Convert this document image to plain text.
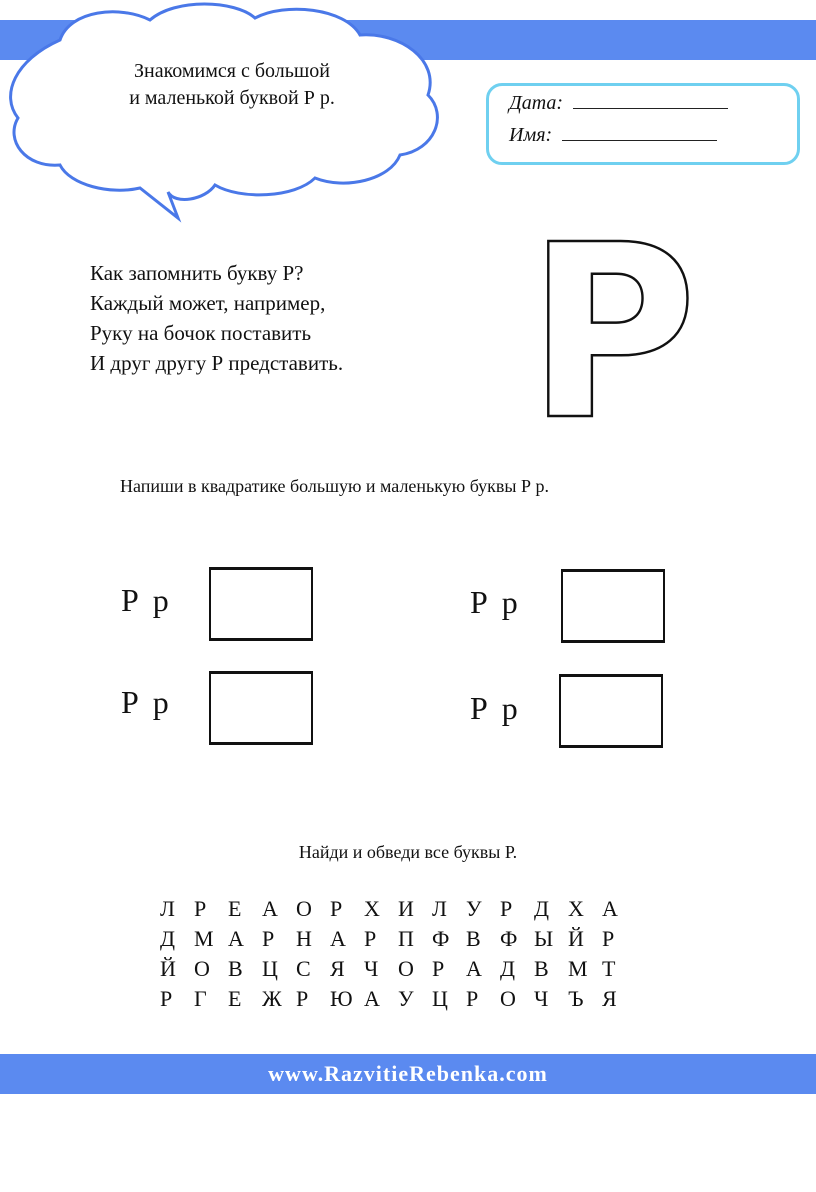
Знакомимся с большой
и маленькой буквой Р р.	Дата:
Имя:
Как запомнить букву Р?
Каждый может, например,
Руку на бочок поставить
И друг другу Р представить. Р
Напиши в квадратике большую и маленькую буквы Р р.
Р р	Р р
Р р	Р р
Найди и обведи все буквы Р.
Л Р Е А О Р Х И Л У Р Д Х А
Д М А Р Н А Р П Ф В Ф Ы Й Р
Й О В Ц С Я Ч О Р А Д В М Т
Р Г Е Ж Р Ю А У Ц Р О Ч Ъ Я
www.RazvitieRebenka.com
